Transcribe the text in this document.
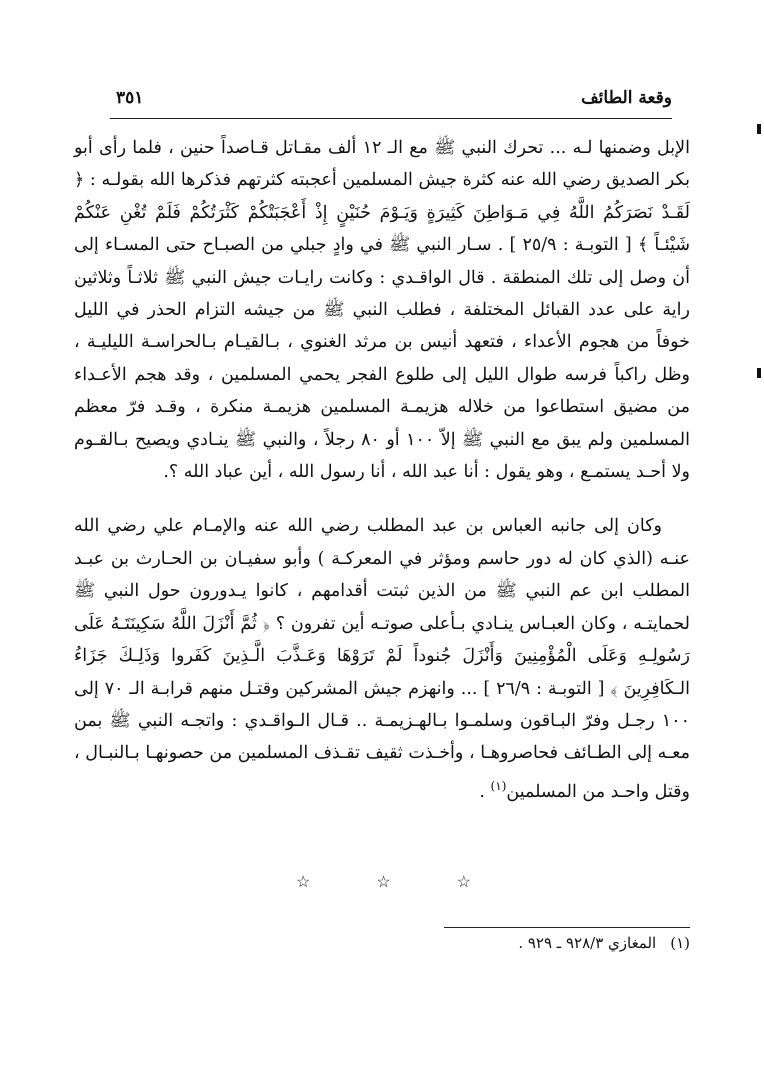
وقعة الطائف
٣٥١

الإبل وضمنها لـه ... تحرك النبي ﷺ مع الـ ١٢ ألف مقـاتل قـاصداً حنين ، فلما رأى أبو بكر الصديق رضي الله عنه كثرة جيش المسلمين أعجبته كثرتهم فذكرها الله بقولـه : ﴿ لَقَـدْ نَصَرَكُمُ اللَّهُ فِي مَـوَاطِنَ كَثِيرَةٍ وَيَـوْمَ حُنَيْنٍ إِذْ أَعْجَبَتْكُمْ كَثْرَتُكُمْ فَلَمْ تُغْنِ عَنْكُمْ شَيْئـاً ﴾ [ التوبـة : ٢٥/٩ ] . سـار النبي ﷺ في وادٍ جبلي من الصبـاح حتى المسـاء إلى أن وصل إلى تلك المنطقة . قال الواقـدي : وكانت رايـات جيش النبي ﷺ ثلاثـاً وثلاثين راية على عدد القبائل المختلفة ، فطلب النبي ﷺ من جيشه التزام الحذر في الليل خوفاً من هجوم الأعداء ، فتعهد أنيس بن مرثد الغنوي ، بـالقيـام بـالحراسـة الليليـة ، وظل راكباً فرسه طوال الليل إلى طلوع الفجر يحمي المسلمين ، وقد هجم الأعـداء من مضيق استطاعوا من خلاله هزيمـة المسلمين هزيمـة منكرة ، وقـد فرّ معظم المسلمين ولم يبق مع النبي ﷺ إلاّ ١٠٠ أو ٨٠ رجلاً ، والنبي ﷺ ينـادي ويصيح بـالقـوم ولا أحـد يستمـع ، وهو يقول : أنا عبد الله ، أنا رسول الله ، أين عباد الله ؟.

وكان إلى جانبه العباس بن عبد المطلب رضي الله عنه والإمـام علي رضي الله عنـه (الذي كان له دور حاسم ومؤثر في المعركـة ) وأبو سفيـان بن الحـارث بن عبـد المطلب ابن عم النبي ﷺ من الذين ثبتت أقدامهم ، كانوا يـدورون حول النبي ﷺ لحمايتـه ، وكان العبـاس ينـادي بـأعلى صوتـه أين تفرون ؟ ﴿ ثُمَّ أَنْزَلَ اللَّهُ سَكِينَتَـهُ عَلَى رَسُولِـهِ وَعَلَى الْمُؤْمِنِينَ وَأَنْزَلَ جُنوداً لَمْ تَرَوْهَا وَعَـذَّبَ الَّـذِينَ كَفَروا وَذَلِـكَ جَزَاءُ الـكَافِرِينَ ﴾ [ التوبـة : ٢٦/٩ ] ... وانهزم جيش المشركين وقتـل منهم قرابـة الـ ٧٠ إلى ١٠٠ رجـل وفرّ البـاقون وسلمـوا بـالهـزيمـة .. قـال الـواقـدي : واتجـه النبي ﷺ بمن معـه إلى الطـائف فحاصروهـا ، وأخـذت ثقيف تقـذف المسلمين من حصونهـا بـالنبـال ، وقتل واحـد من المسلمين$^{(١)}$ .

☆	☆	☆
(١)المغازي ٩٢٨/٣ ـ ٩٢٩ .
